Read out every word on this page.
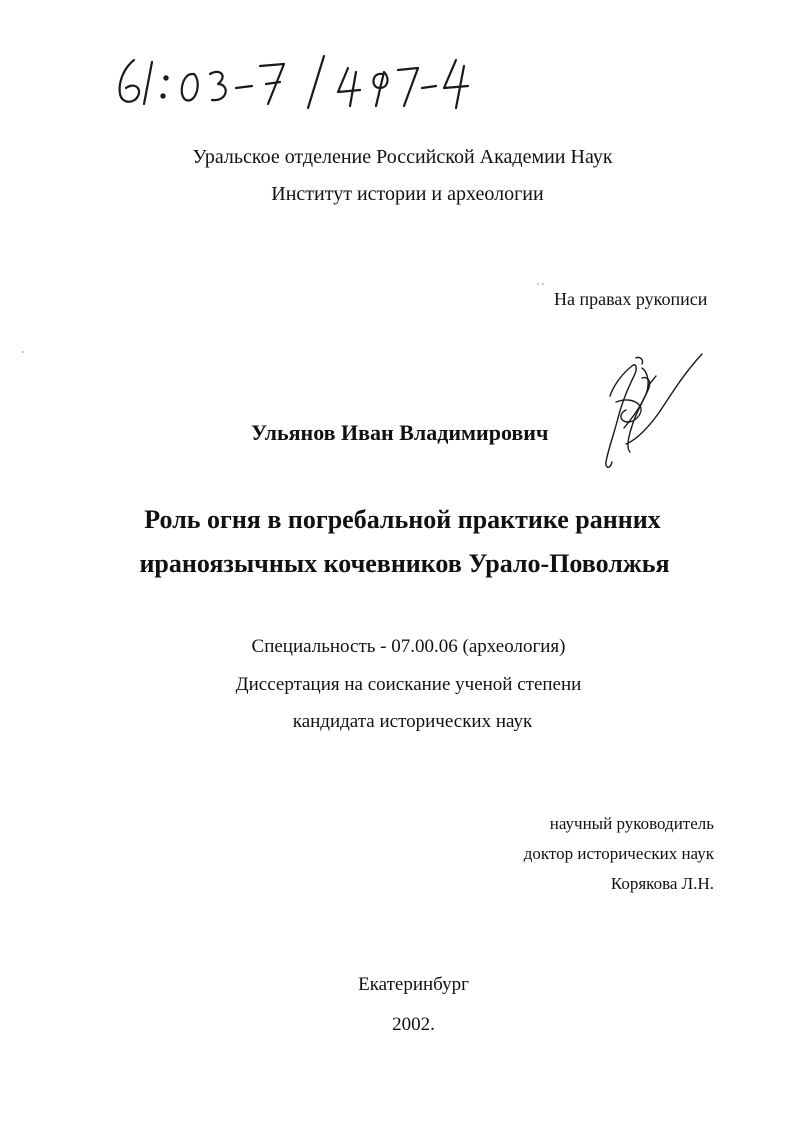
Уральское отделение Российской Академии Наук
Институт истории и археологии
На правах рукописи
Ульянов Иван Владимирович
Роль огня в погребальной практике ранних
ираноязычных кочевников Урало-Поволжья
Специальность - 07.00.06 (археология)
Диссертация на соискание ученой степени
кандидата исторических наук
научный руководитель
доктор исторических наук
Корякова Л.Н.
Екатеринбург
2002.
